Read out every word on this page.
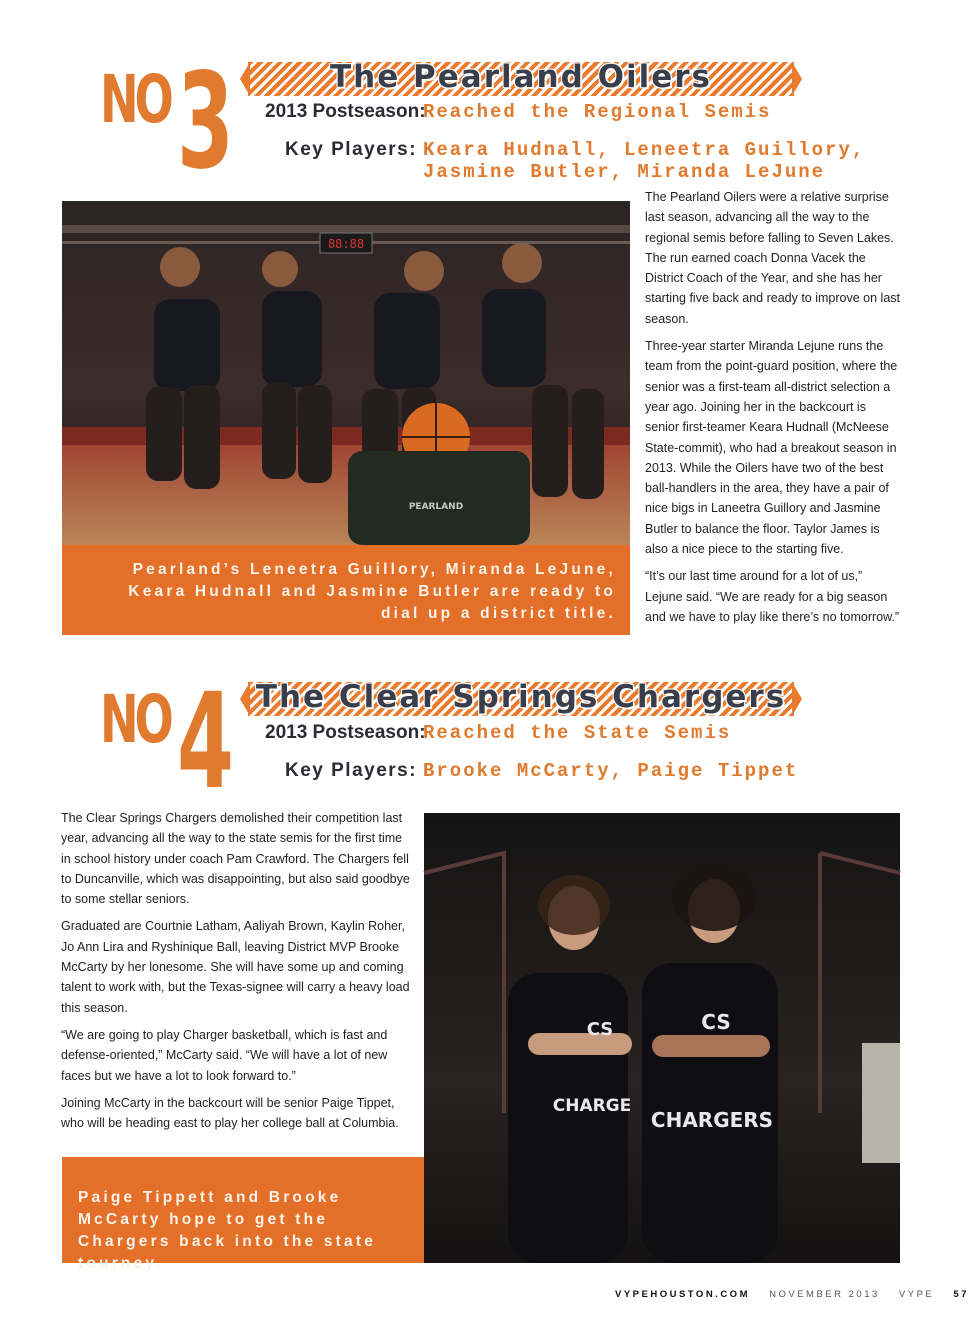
NO 3	The Pearland Oilers
2013 Postseason:
Reached the Regional Semis
Key Players: Keara Hudnall, Leneetra Guillory,
Jasmine Butler, Miranda LeJune

The Pearland Oilers were a relative surprise last season, advancing all the way to the regional semis before falling to Seven Lakes. The run earned coach Donna Vacek the District Coach of the Year, and she has her starting five back and ready to improve on last season.

Three-year starter Miranda Lejune runs the team from the point-guard position, where the senior was a first-team all-district selection a year ago. Joining her in the backcourt is senior first-teamer Keara Hudnall (McNeese State-commit), who had a breakout season in 2013. While the Oilers have two of the best ball-handlers in the area, they have a pair of nice bigs in Laneetra Guillory and Jasmine Butler to balance the floor. Taylor James is also a nice piece to the starting five.

“It’s our last time around for a lot of us,” Lejune said. “We are ready for a big season and we have to play like there’s no tomorrow.”

88:88
PEARLAND
Pearland’s Leneetra Guillory, Miranda LeJune, Keara Hudnall and Jasmine Butler are ready to dial up a district title.
NO 4 The Clear Springs Chargers
2013 Postseason:
Reached the State Semis
Key Players: Brooke McCarty, Paige Tippet

The Clear Springs Chargers demolished their competition last year, advancing all the way to the state semis for the first time in school history under coach Pam Crawford. The Chargers fell to Duncanville, which was disappointing, but also said goodbye to some stellar seniors.

Graduated are Courtnie Latham, Aaliyah Brown, Kaylin Roher, Jo Ann Lira and Ryshinique Ball, leaving District MVP Brooke McCarty by her lonesome. She will have some up and coming talent to work with, but the Texas-signee will carry a heavy load this season.

“We are going to play Charger basketball, which is fast and defense-oriented,” McCarty said. “We will have a lot of new faces but we have a lot to look forward to.”

Joining McCarty in the backcourt will be senior Paige Tippet, who will be heading east to play her college ball at Columbia.

CS	CS
CHARGE
CHARGERS
Paige Tippett and Brooke McCarty hope to get the Chargers back into the state tourney.
VYPEHOUSTON.COM NOVEMBER 2013 VYPE 57
